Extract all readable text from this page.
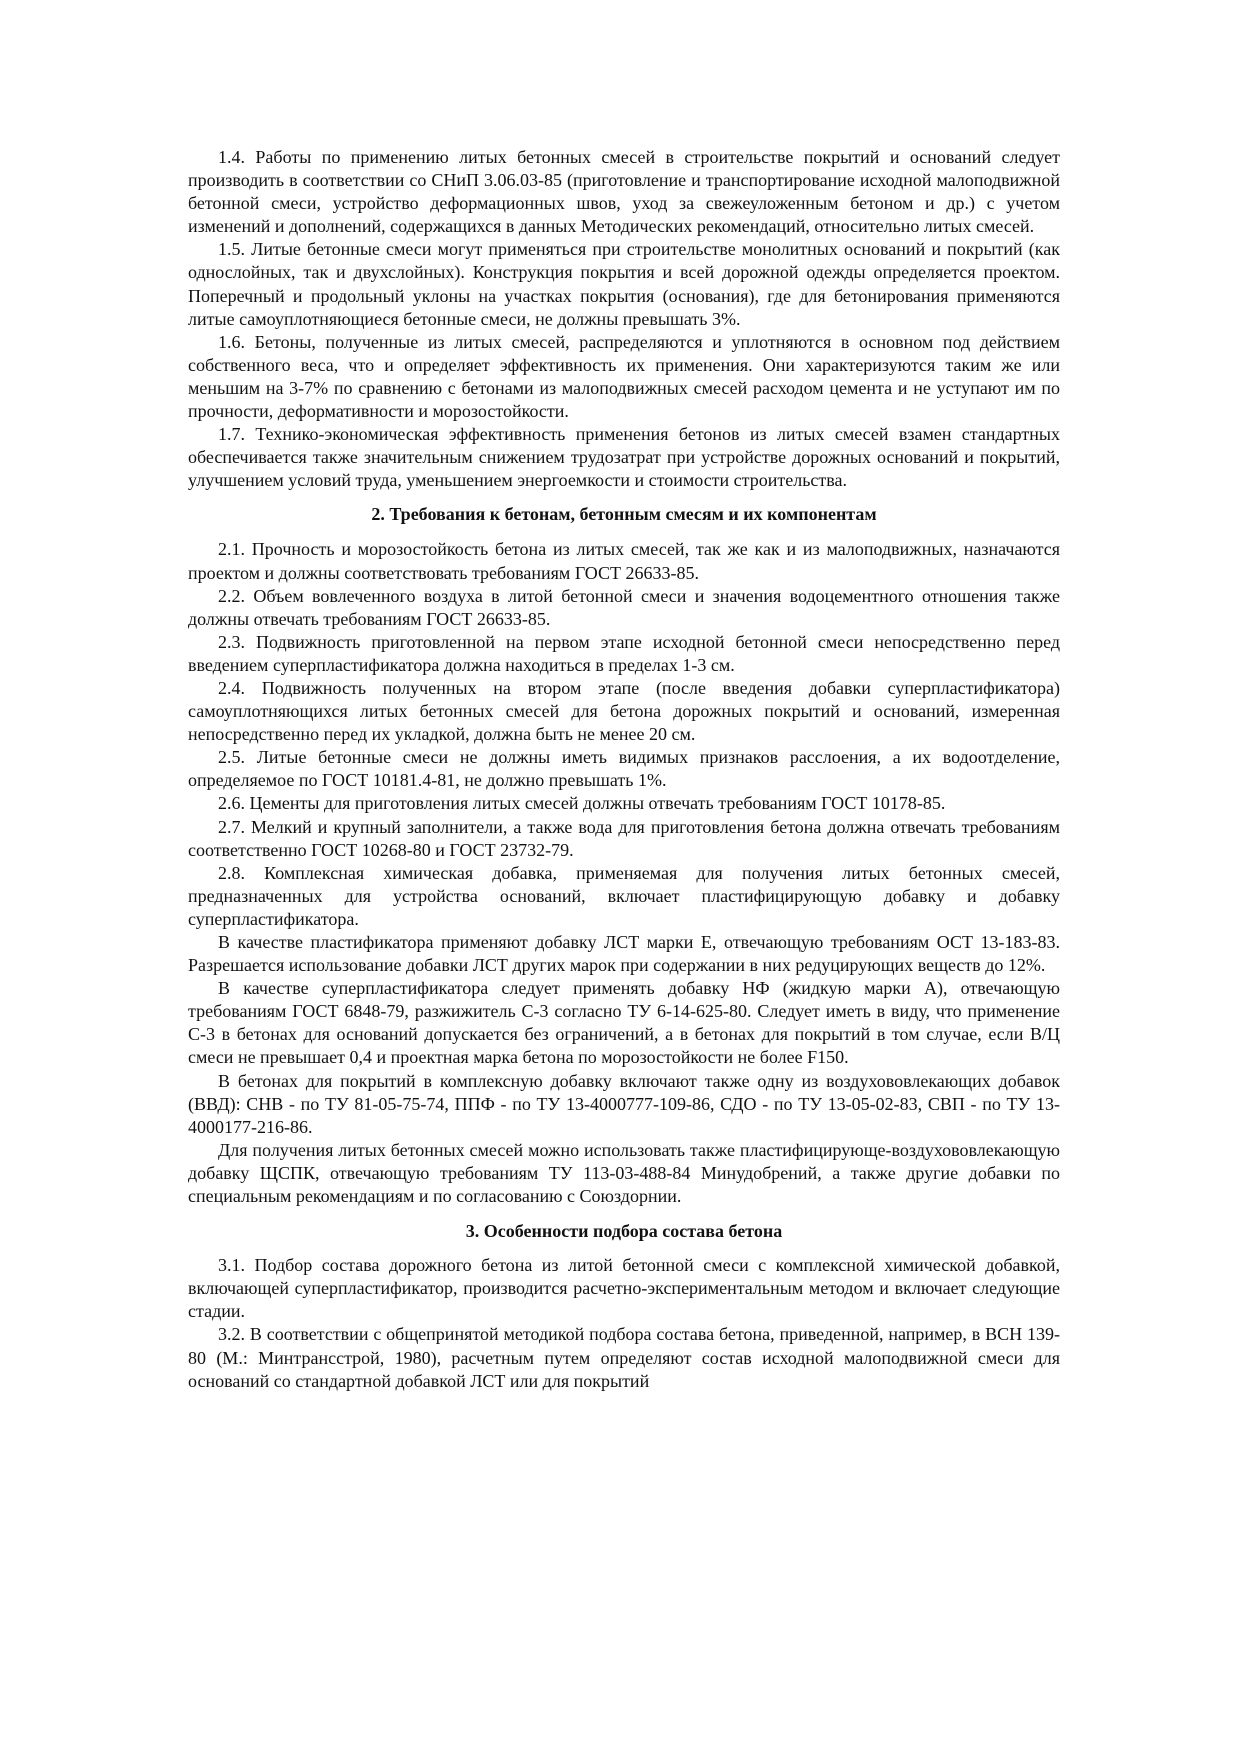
1.4. Работы по применению литых бетонных смесей в строительстве покрытий и оснований следует производить в соответствии со СНиП 3.06.03-85 (приготовление и транспортирование исходной малоподвижной бетонной смеси, устройство деформационных швов, уход за свежеуложенным бетоном и др.) с учетом изменений и дополнений, содержащихся в данных Методических рекомендаций, относительно литых смесей.

1.5. Литые бетонные смеси могут применяться при строительстве монолитных оснований и покрытий (как однослойных, так и двухслойных). Конструкция покрытия и всей дорожной одежды определяется проектом. Поперечный и продольный уклоны на участках покрытия (основания), где для бетонирования применяются литые самоуплотняющиеся бетонные смеси, не должны превышать 3%.

1.6. Бетоны, полученные из литых смесей, распределяются и уплотняются в основном под действием собственного веса, что и определяет эффективность их применения. Они характеризуются таким же или меньшим на 3-7% по сравнению с бетонами из малоподвижных смесей расходом цемента и не уступают им по прочности, деформативности и морозостойкости.

1.7. Технико-экономическая эффективность применения бетонов из литых смесей взамен стандартных обеспечивается также значительным снижением трудозатрат при устройстве дорожных оснований и покрытий, улучшением условий труда, уменьшением энергоемкости и стоимости строительства.

2. Требования к бетонам, бетонным смесям и их компонентам

2.1. Прочность и морозостойкость бетона из литых смесей, так же как и из малоподвижных, назначаются проектом и должны соответствовать требованиям ГОСТ 26633-85.

2.2. Объем вовлеченного воздуха в литой бетонной смеси и значения водоцементного отношения также должны отвечать требованиям ГОСТ 26633-85.

2.3. Подвижность приготовленной на первом этапе исходной бетонной смеси непосредственно перед введением суперпластификатора должна находиться в пределах 1-3 см.

2.4. Подвижность полученных на втором этапе (после введения добавки суперпластификатора) самоуплотняющихся литых бетонных смесей для бетона дорожных покрытий и оснований, измеренная непосредственно перед их укладкой, должна быть не менее 20 см.

2.5. Литые бетонные смеси не должны иметь видимых признаков расслоения, а их водоотделение, определяемое по ГОСТ 10181.4-81, не должно превышать 1%.

2.6. Цементы для приготовления литых смесей должны отвечать требованиям ГОСТ 10178-85.

2.7. Мелкий и крупный заполнители, а также вода для приготовления бетона должна отвечать требованиям соответственно ГОСТ 10268-80 и ГОСТ 23732-79.

2.8. Комплексная химическая добавка, применяемая для получения литых бетонных смесей, предназначенных для устройства оснований, включает пластифицирующую добавку и добавку суперпластификатора.

В качестве пластификатора применяют добавку ЛСТ марки Е, отвечающую требованиям ОСТ 13-183-83. Разрешается использование добавки ЛСТ других марок при содержании в них редуцирующих веществ до 12%.

В качестве суперпластификатора следует применять добавку НФ (жидкую марки А), отвечающую требованиям ГОСТ 6848-79, разжижитель С-3 согласно ТУ 6-14-625-80. Следует иметь в виду, что применение С-3 в бетонах для оснований допускается без ограничений, а в бетонах для покрытий в том случае, если В/Ц смеси не превышает 0,4 и проектная марка бетона по морозостойкости не более F150.

В бетонах для покрытий в комплексную добавку включают также одну из воздухововлекающих добавок (ВВД): СНВ - по ТУ 81-05-75-74, ППФ - по ТУ 13-4000777-109-86, СДО - по ТУ 13-05-02-83, СВП - по ТУ 13-4000177-216-86.

Для получения литых бетонных смесей можно использовать также пластифицирующе-воздухововлекающую добавку ЩСПК, отвечающую требованиям ТУ 113-03-488-84 Минудобрений, а также другие добавки по специальным рекомендациям и по согласованию с Союздорнии.

3. Особенности подбора состава бетона

3.1. Подбор состава дорожного бетона из литой бетонной смеси с комплексной химической добавкой, включающей суперпластификатор, производится расчетно-экспериментальным методом и включает следующие стадии.

3.2. В соответствии с общепринятой методикой подбора состава бетона, приведенной, например, в ВСН 139-80 (М.: Минтрансстрой, 1980), расчетным путем определяют состав исходной малоподвижной смеси для оснований со стандартной добавкой ЛСТ или для покрытий
